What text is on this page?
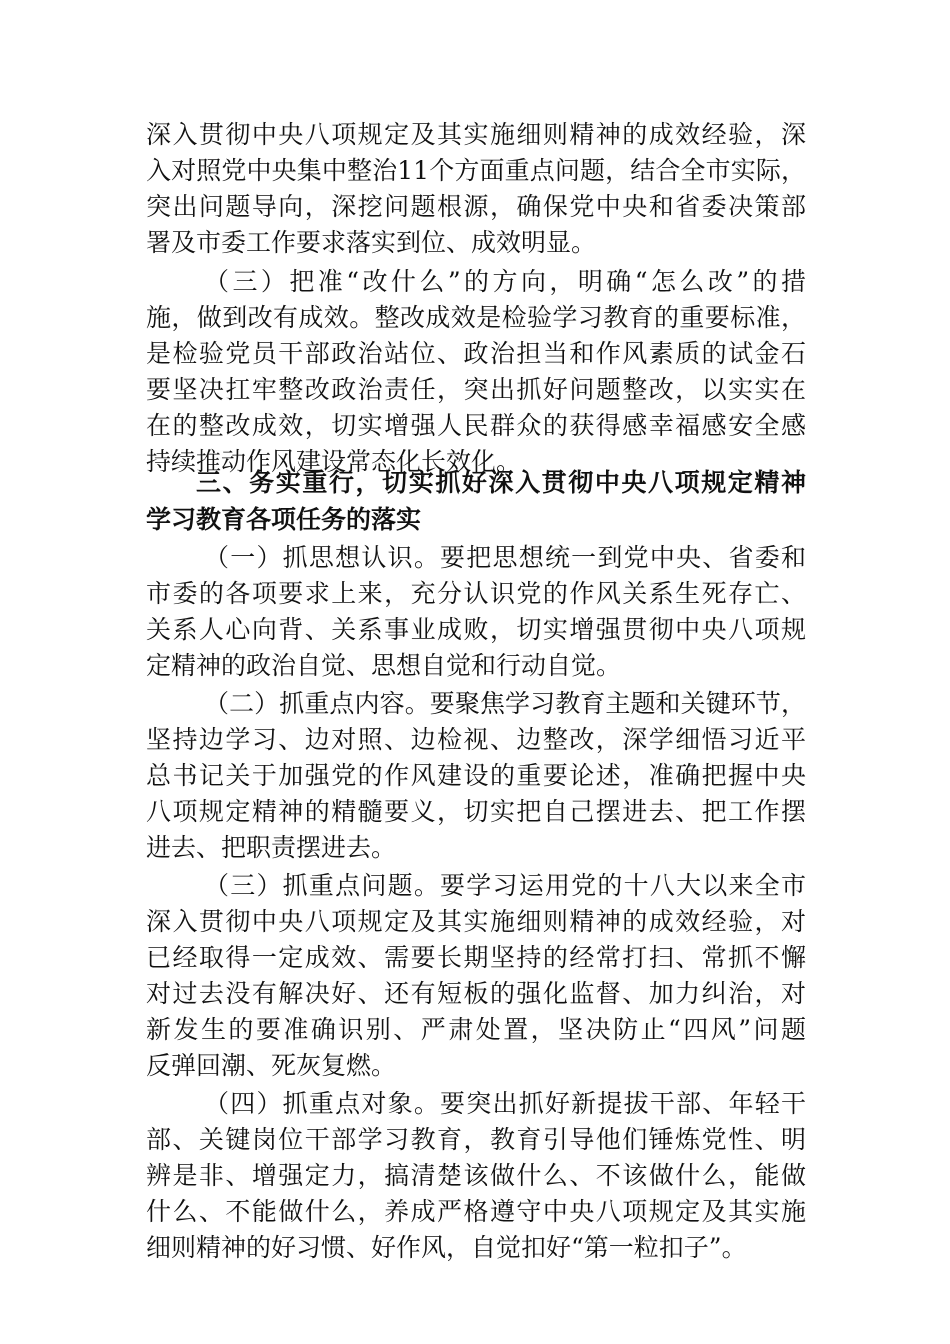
深入贯彻中央八项规定及其实施细则精神的成效经验，深
入对照党中央集中整治11个方面重点问题，结合全市实际，
突出问题导向，深挖问题根源，确保党中央和省委决策部
署及市委工作要求落实到位、成效明显。
（三）把准“改什么”的方向，明确“怎么改”的措
施，做到改有成效。整改成效是检验学习教育的重要标准，
是检验党员干部政治站位、政治担当和作风素质的试金石
要坚决扛牢整改政治责任，突出抓好问题整改，以实实在
在的整改成效，切实增强人民群众的获得感幸福感安全感
持续推动作风建设常态化长效化。
三、务实重行，切实抓好深入贯彻中央八项规定精神
学习教育各项任务的落实
（一）抓思想认识。要把思想统一到党中央、省委和
市委的各项要求上来，充分认识党的作风关系生死存亡、
关系人心向背、关系事业成败，切实增强贯彻中央八项规
定精神的政治自觉、思想自觉和行动自觉。
（二）抓重点内容。要聚焦学习教育主题和关键环节，
坚持边学习、边对照、边检视、边整改，深学细悟习近平
总书记关于加强党的作风建设的重要论述，准确把握中央
八项规定精神的精髓要义，切实把自己摆进去、把工作摆
进去、把职责摆进去。
（三）抓重点问题。要学习运用党的十八大以来全市
深入贯彻中央八项规定及其实施细则精神的成效经验，对
已经取得一定成效、需要长期坚持的经常打扫、常抓不懈
对过去没有解决好、还有短板的强化监督、加力纠治，对
新发生的要准确识别、严肃处置，坚决防止“四风”问题
反弹回潮、死灰复燃。
（四）抓重点对象。要突出抓好新提拔干部、年轻干
部、关键岗位干部学习教育，教育引导他们锤炼党性、明
辨是非、增强定力，搞清楚该做什么、不该做什么，能做
什么、不能做什么，养成严格遵守中央八项规定及其实施
细则精神的好习惯、好作风，自觉扣好“第一粒扣子”。
